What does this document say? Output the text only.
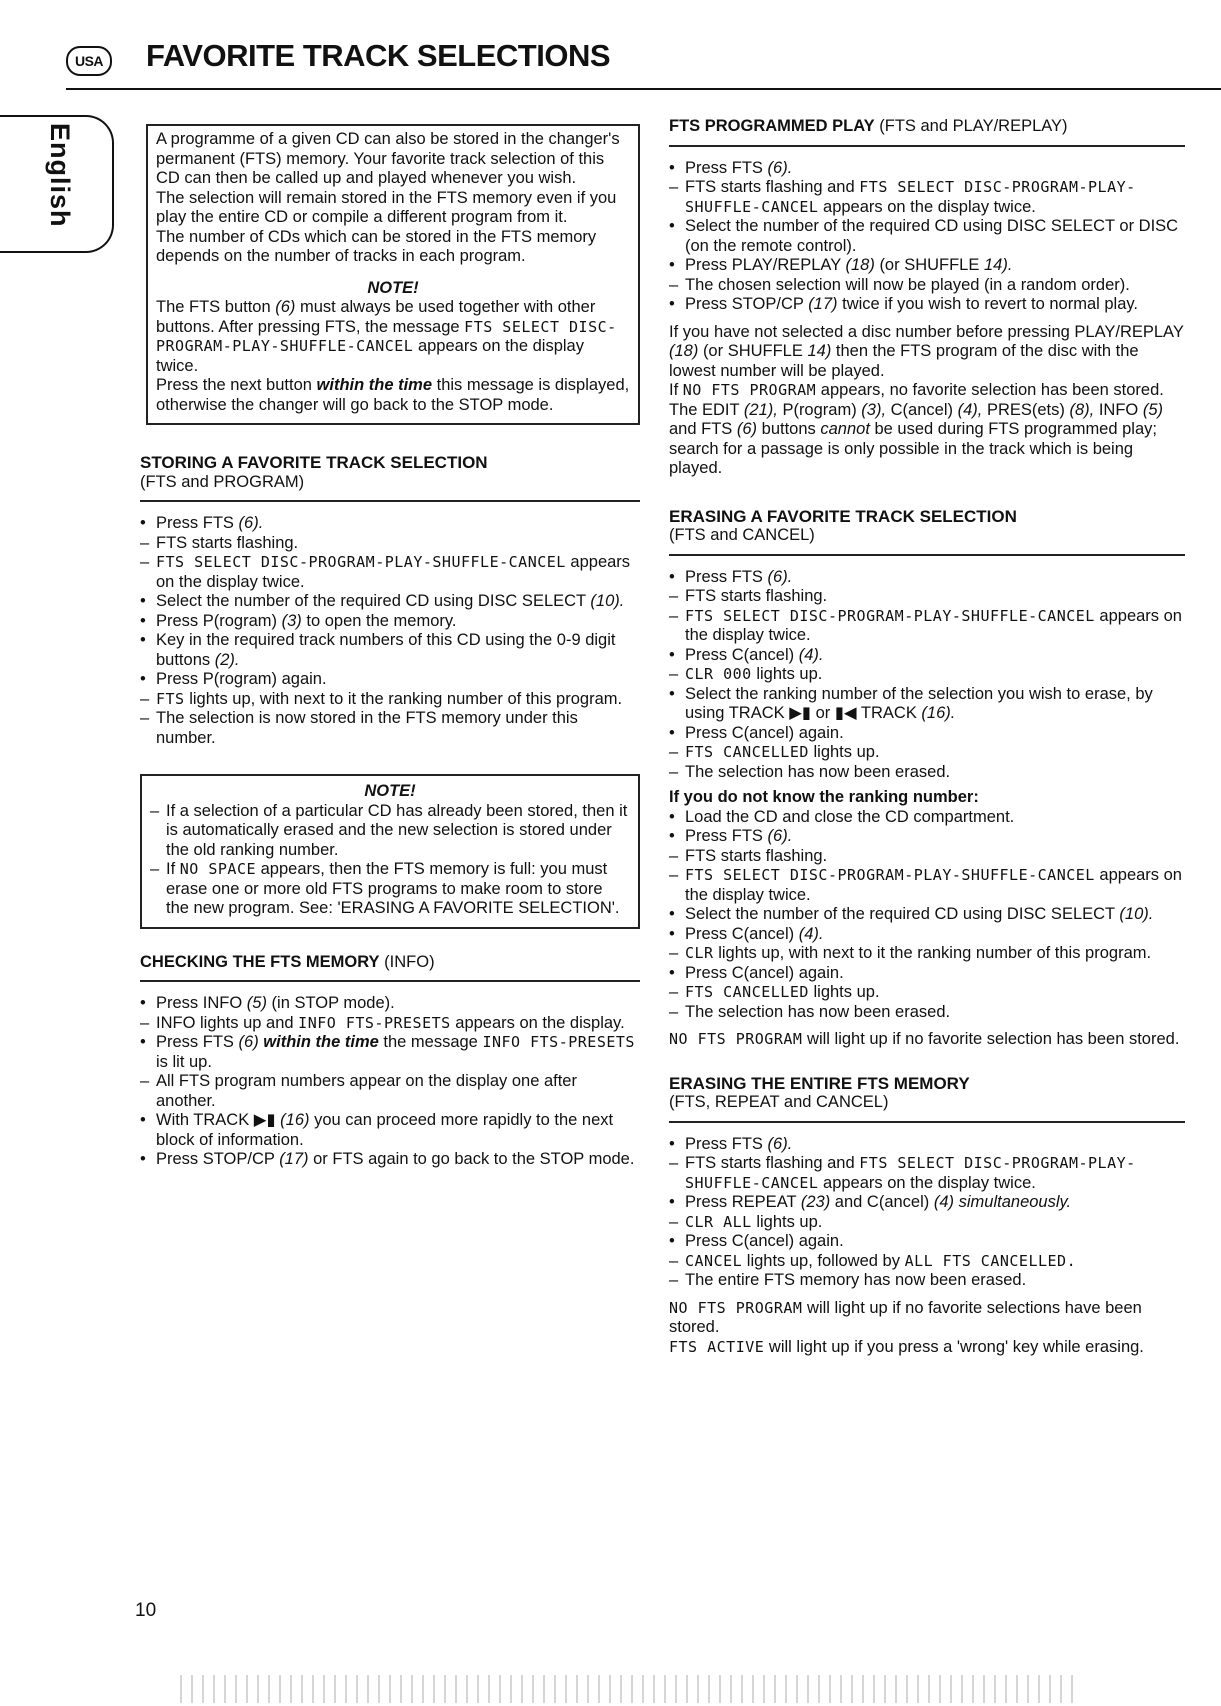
USA FAVORITE TRACK SELECTIONS
English	A programme of a given CD can also be stored in the changer's permanent (FTS) memory. Your favorite track selection of this CD can then be called up and played whenever you wish.
The selection will remain stored in the FTS memory even if you play the entire CD or compile a different program from it.
The number of CDs which can be stored in the FTS memory depends on the number of tracks in each program.
NOTE!
The FTS button (6) must always be used together with other buttons. After pressing FTS, the message FTS SELECT DISC-PROGRAM-PLAY-SHUFFLE-CANCEL appears on the display twice.
Press the next button within the time this message is displayed, otherwise the changer will go back to the STOP mode.
STORING A FAVORITE TRACK SELECTION
(FTS and PROGRAM)
• Press FTS (6).
– FTS starts flashing.
– FTS SELECT DISC-PROGRAM-PLAY-SHUFFLE-CANCEL appears on the display twice.
• Select the number of the required CD using DISC SELECT (10).
• Press P(rogram) (3) to open the memory.
• Key in the required track numbers of this CD using the 0-9 digit buttons (2).
• Press P(rogram) again.
– FTS lights up, with next to it the ranking number of this program.
– The selection is now stored in the FTS memory under this number.
NOTE!
– If a selection of a particular CD has already been stored, then it is automatically erased and the new selection is stored under the old ranking number.
– If NO SPACE appears, then the FTS memory is full: you must erase one or more old FTS programs to make room to store the new program. See: 'ERASING A FAVORITE SELECTION'.
CHECKING THE FTS MEMORY (INFO)
• Press INFO (5) (in STOP mode).
– INFO lights up and INFO FTS-PRESETS appears on the display.
• Press FTS (6) within the time the message INFO FTS-PRESETS is lit up.
– All FTS program numbers appear on the display one after another.
• With TRACK ▶▮ (16) you can proceed more rapidly to the next block of information.
• Press STOP/CP (17) or FTS again to go back to the STOP mode.
FTS PROGRAMMED PLAY (FTS and PLAY/REPLAY)
• Press FTS (6).
– FTS starts flashing and FTS SELECT DISC-PROGRAM-PLAY-SHUFFLE-CANCEL appears on the display twice.
• Select the number of the required CD using DISC SELECT or DISC (on the remote control).
• Press PLAY/REPLAY (18) (or SHUFFLE 14).
– The chosen selection will now be played (in a random order).
• Press STOP/CP (17) twice if you wish to revert to normal play.

If you have not selected a disc number before pressing PLAY/REPLAY (18) (or SHUFFLE 14) then the FTS program of the disc with the lowest number will be played.

If NO FTS PROGRAM appears, no favorite selection has been stored.
The EDIT (21), P(rogram) (3), C(ancel) (4), PRES(ets) (8), INFO (5) and FTS (6) buttons cannot be used during FTS programmed play; search for a passage is only possible in the track which is being played.
ERASING A FAVORITE TRACK SELECTION
(FTS and CANCEL)
• Press FTS (6).
– FTS starts flashing.
– FTS SELECT DISC-PROGRAM-PLAY-SHUFFLE-CANCEL appears on the display twice.
• Press C(ancel) (4).
– CLR 000 lights up.
• Select the ranking number of the selection you wish to erase, by using TRACK ▶▮ or ▮◀ TRACK (16).
• Press C(ancel) again.
– FTS CANCELLED lights up.
– The selection has now been erased.
If you do not know the ranking number:
• Load the CD and close the CD compartment.
• Press FTS (6).
– FTS starts flashing.
– FTS SELECT DISC-PROGRAM-PLAY-SHUFFLE-CANCEL appears on the display twice.
• Select the number of the required CD using DISC SELECT (10).
• Press C(ancel) (4).
– CLR lights up, with next to it the ranking number of this program.
• Press C(ancel) again.
– FTS CANCELLED lights up.
– The selection has now been erased.

NO FTS PROGRAM will light up if no favorite selection has been stored.

ERASING THE ENTIRE FTS MEMORY
(FTS, REPEAT and CANCEL)
• Press FTS (6).
– FTS starts flashing and FTS SELECT DISC-PROGRAM-PLAY-SHUFFLE-CANCEL appears on the display twice.
• Press REPEAT (23) and C(ancel) (4) simultaneously.
– CLR ALL lights up.
• Press C(ancel) again.
– CANCEL lights up, followed by ALL FTS CANCELLED.
– The entire FTS memory has now been erased.

NO FTS PROGRAM will light up if no favorite selections have been stored.

FTS ACTIVE will light up if you press a 'wrong' key while erasing.
10
